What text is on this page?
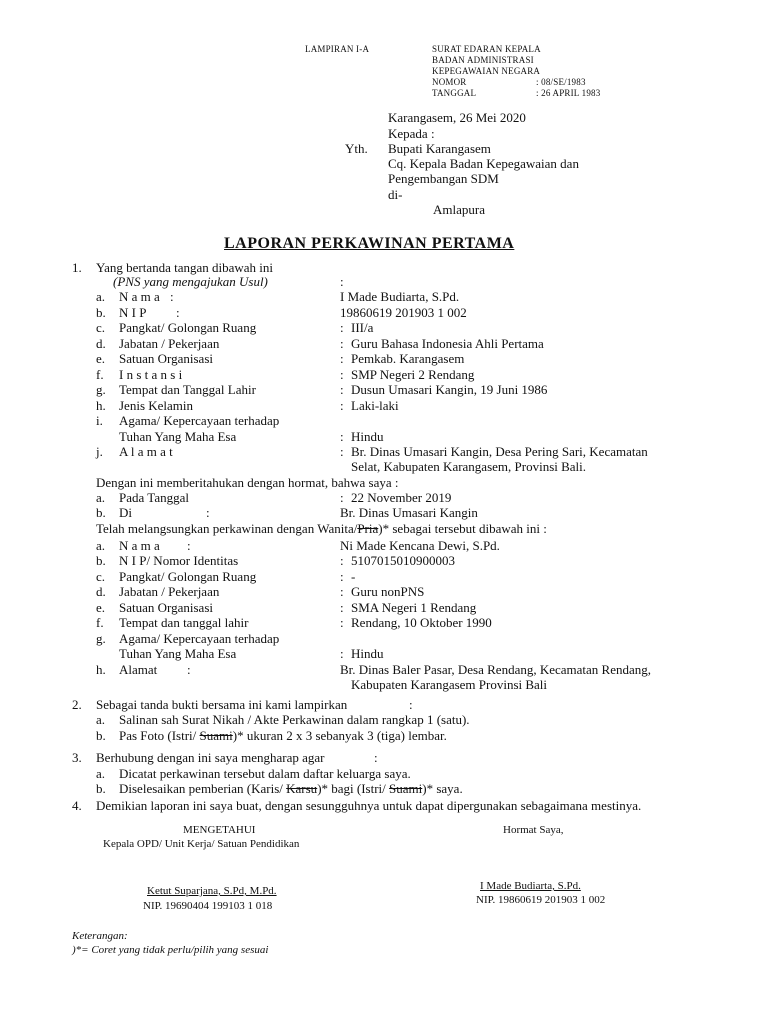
LAMPIRAN I-A	SURAT EDARAN KEPALA
BADAN ADMINISTRASI
KEPEGAWAIAN NEGARA
NOMOR	: 08/SE/1983
TANGGAL	: 26 APRIL 1983
Karangasem, 26 Mei 2020
Kepada :
Yth. Bupati Karangasem
Cq. Kepala Badan Kepegawaian dan
Pengembangan SDM
di-
Amlapura
LAPORAN PERKAWINAN PERTAMA
1. Yang bertanda tangan dibawah ini
(PNS yang mengajukan Usul)	:
a. N a m a :	I Made Budiarta, S.Pd.
b. N I P :	19860619 201903 1 002
c. Pangkat/ Golongan Ruang	: III/a
d. Jabatan / Pekerjaan	: Guru Bahasa Indonesia Ahli Pertama
e. Satuan Organisasi	: Pemkab. Karangasem
f. I n s t a n s i	: SMP Negeri 2 Rendang
g. Tempat dan Tanggal Lahir	: Dusun Umasari Kangin, 19 Juni 1986
h. Jenis Kelamin	: Laki-laki
i. Agama/ Kepercayaan terhadap
Tuhan Yang Maha Esa	: Hindu
j. A l a m a t	: Br. Dinas Umasari Kangin, Desa Pering Sari, Kecamatan
Selat, Kabupaten Karangasem, Provinsi Bali.
Dengan ini memberitahukan dengan hormat, bahwa saya :
a. Pada Tanggal	: 22 November 2019
b. Di	:	Br. Dinas Umasari Kangin
Telah melangsungkan perkawinan dengan Wanita/Pria)* sebagai tersebut dibawah ini :
a. N a m a :	Ni Made Kencana Dewi, S.Pd.
b. N I P/ Nomor Identitas	: 5107015010900003
c. Pangkat/ Golongan Ruang	: -
d. Jabatan / Pekerjaan	: Guru nonPNS
e. Satuan Organisasi	: SMA Negeri 1 Rendang
f. Tempat dan tanggal lahir	: Rendang, 10 Oktober 1990
g. Agama/ Kepercayaan terhadap
Tuhan Yang Maha Esa	: Hindu
h. Alamat :	Br. Dinas Baler Pasar, Desa Rendang, Kecamatan Rendang,
Kabupaten Karangasem Provinsi Bali
2. Sebagai tanda bukti bersama ini kami lampirkan	:
a. Salinan sah Surat Nikah / Akte Perkawinan dalam rangkap 1 (satu).
b. Pas Foto (Istri/ Suami)* ukuran 2 x 3 sebanyak 3 (tiga) lembar.
3. Berhubung dengan ini saya mengharap agar	:
a. Dicatat perkawinan tersebut dalam daftar keluarga saya.
b. Diselesaikan pemberian (Karis/ Karsu)* bagi (Istri/ Suami)* saya.
4. Demikian laporan ini saya buat, dengan sesungguhnya untuk dapat dipergunakan sebagaimana mestinya.
MENGETAHUI
Kepala OPD/ Unit Kerja/ Satuan Pendidikan
Ketut Suparjana, S.Pd, M.Pd.
NIP. 19690404 199103 1 018
Hormat Saya,
I Made Budiarta, S.Pd.
NIP. 19860619 201903 1 002
Keterangan:
)*= Coret yang tidak perlu/pilih yang sesuai
